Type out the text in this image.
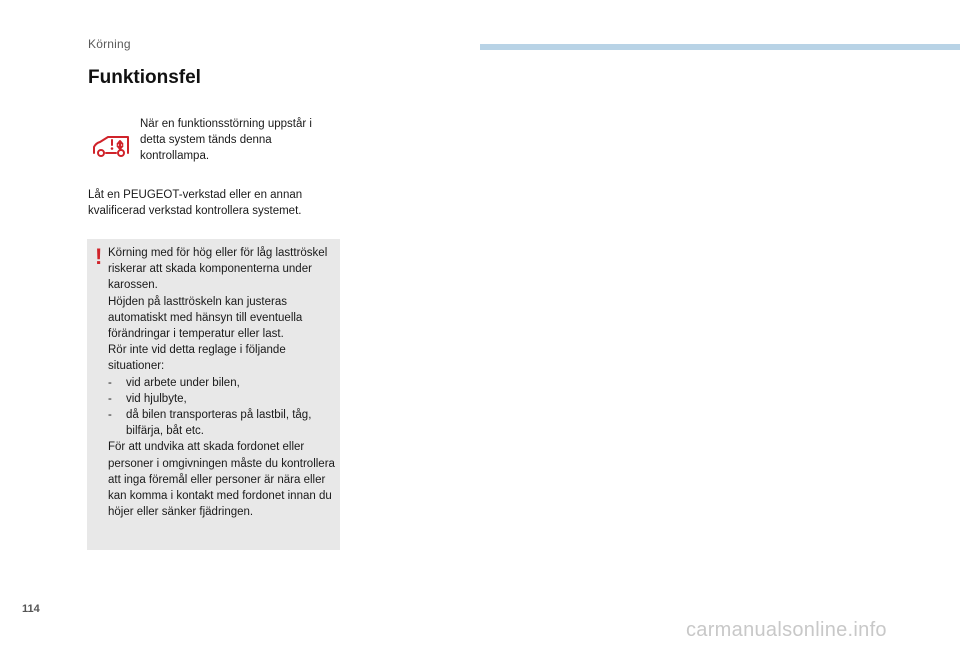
Körning
Funktionsfel
När en funktionsstörning uppstår i detta system tänds denna kontrollampa.
Låt en PEUGEOT-verkstad eller en annan kvalificerad verkstad kontrollera systemet.
! Körning med för hög eller för låg lasttröskel riskerar att skada komponenterna under karossen.

Höjden på lasttröskeln kan justeras automatiskt med hänsyn till eventuella förändringar i temperatur eller last.

Rör inte vid detta reglage i följande situationer:

- vid arbete under bilen,
- vid hjulbyte,
- då bilen transporteras på lastbil, tåg, bilfärja, båt etc.

För att undvika att skada fordonet eller personer i omgivningen måste du kontrollera att inga föremål eller personer är nära eller kan komma i kontakt med fordonet innan du höjer eller sänker fjädringen.

114
carmanualsonline.info
